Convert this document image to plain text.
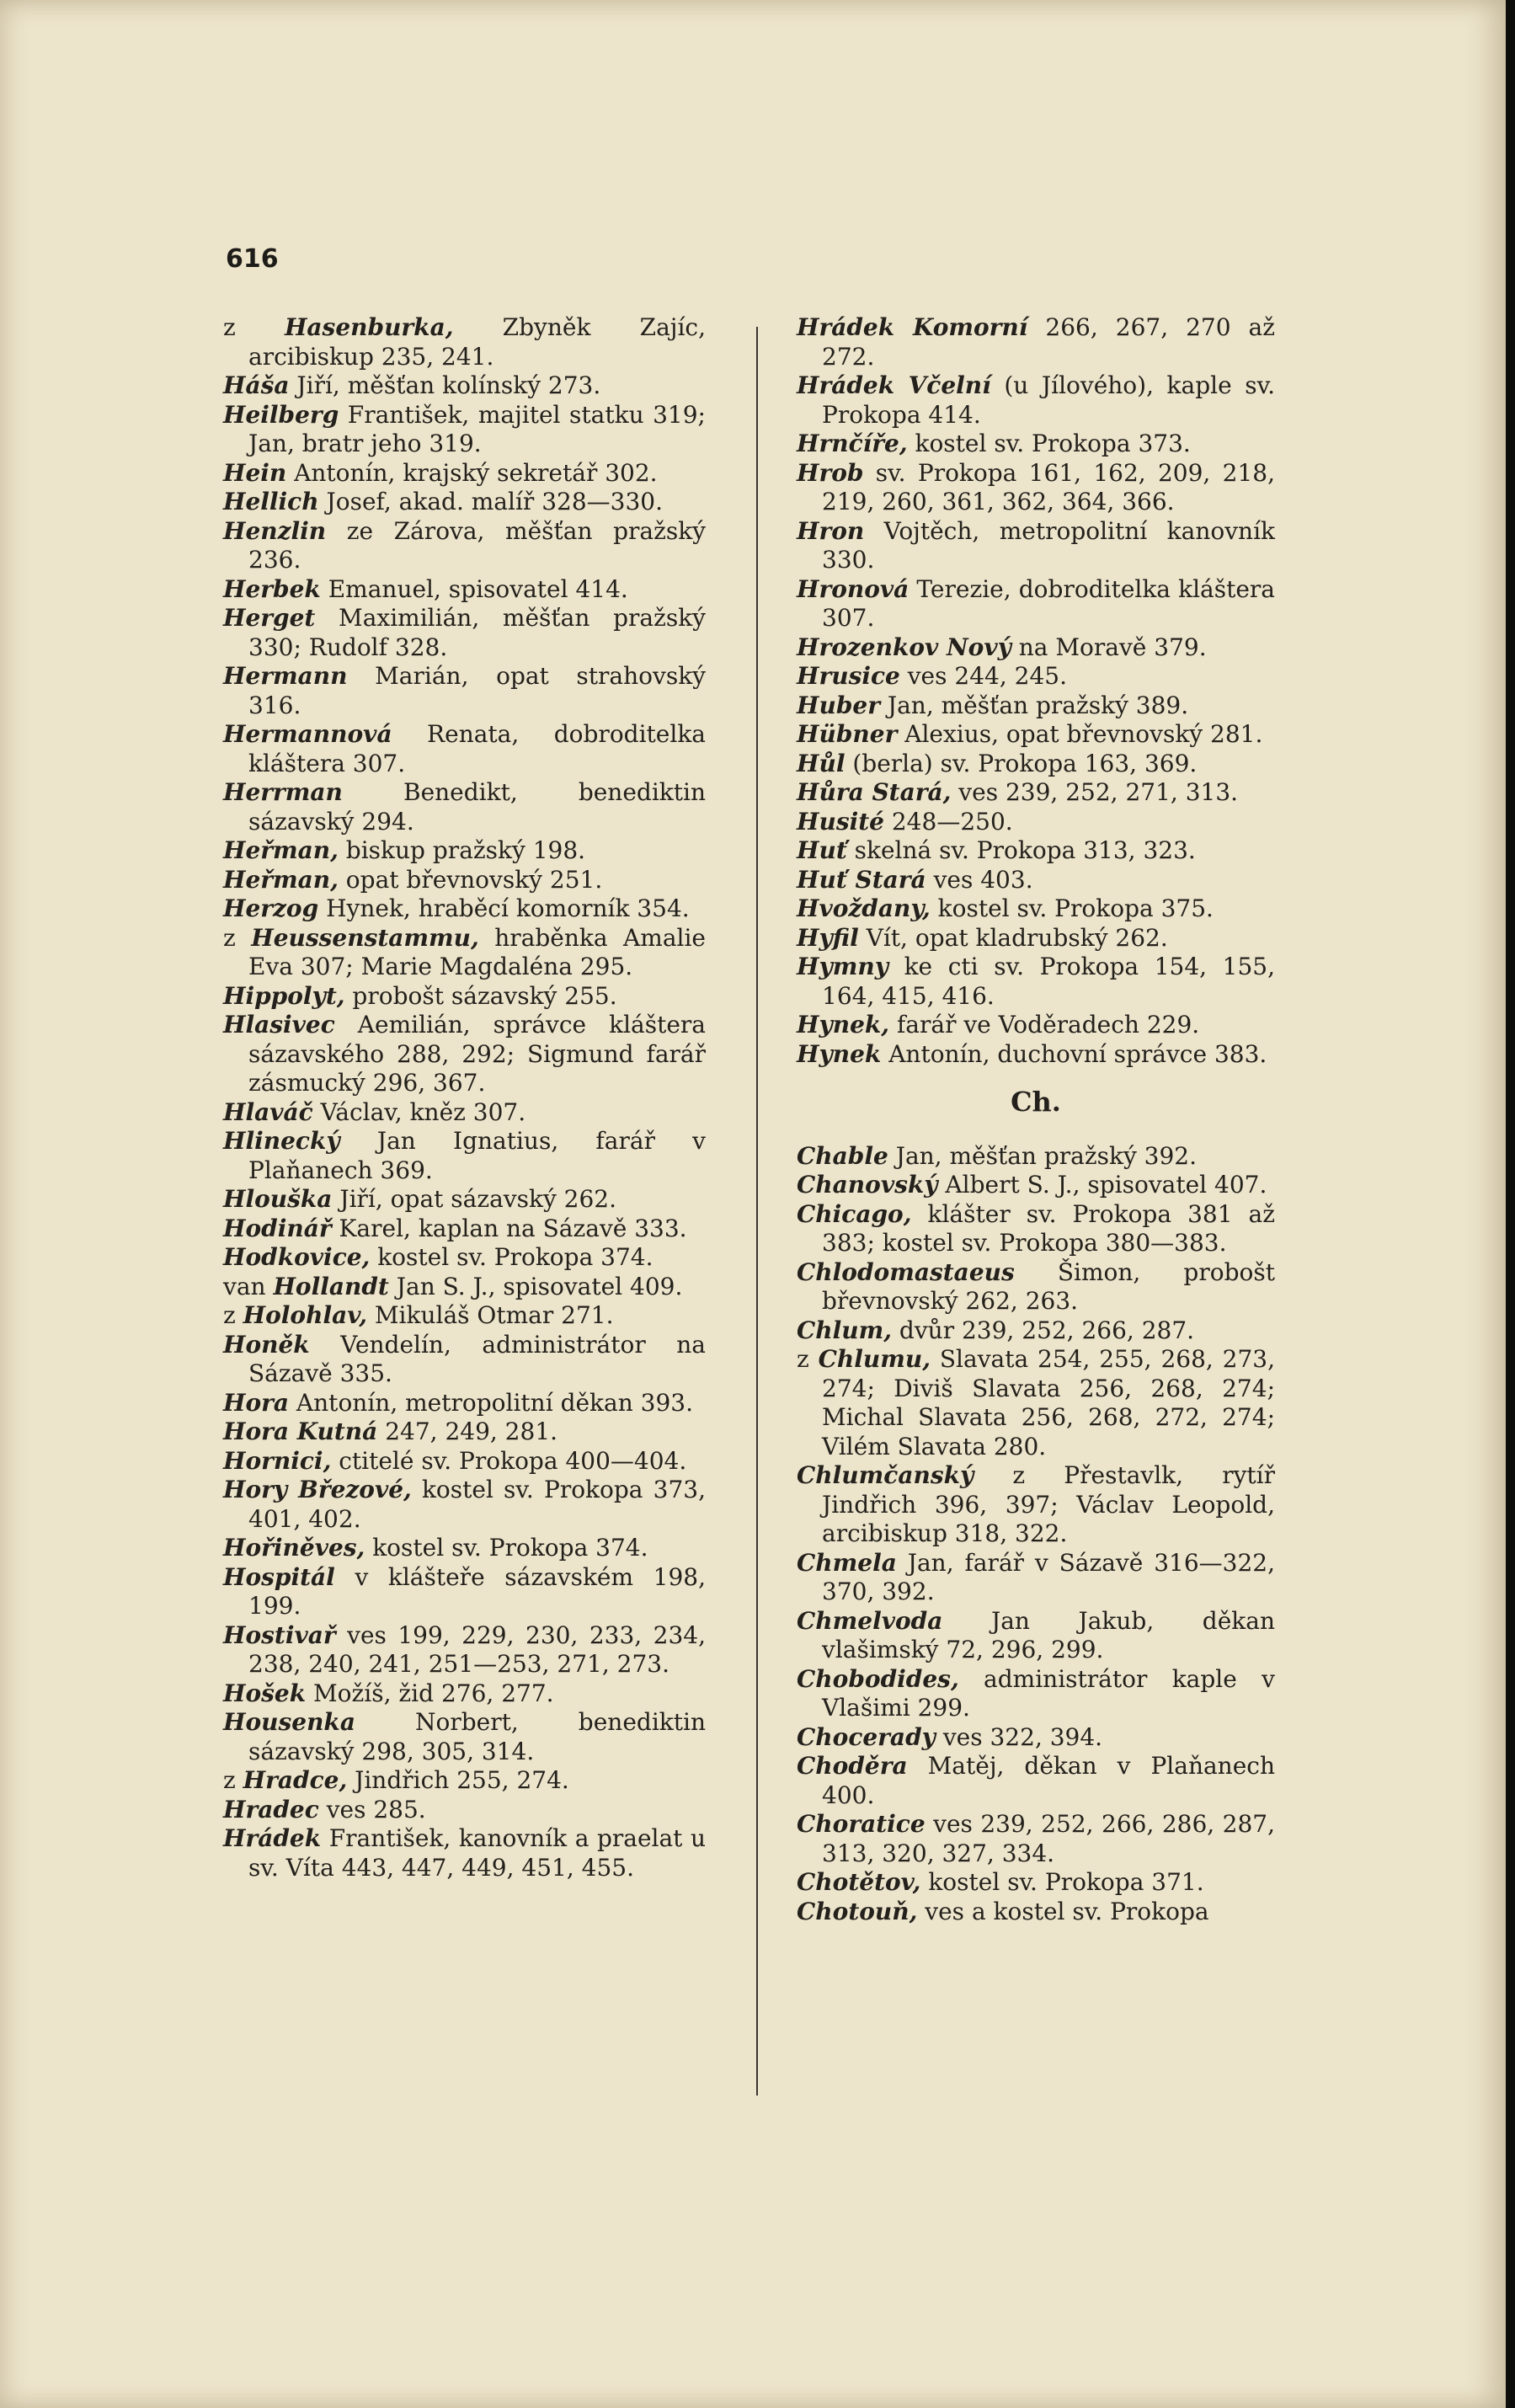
616

z Hasenburka, Zbyněk Zajíc, arcibiskup 235, 241.

Háša Jiří, měšťan kolínský 273.

Heilberg František, majitel statku 319; Jan, bratr jeho 319.

Hein Antonín, krajský sekretář 302.

Hellich Josef, akad. malíř 328—330.

Henzlin ze Zárova, měšťan pražský 236.

Herbek Emanuel, spisovatel 414.

Herget Maximilián, měšťan pražský 330; Rudolf 328.

Hermann Marián, opat strahovský 316.

Hermannová Renata, dobroditelka kláštera 307.

Herrman Benedikt, benediktin sázavský 294.

Heřman, biskup pražský 198.

Heřman, opat břevnovský 251.

Herzog Hynek, hraběcí komorník 354.

z Heussenstammu, hraběnka Amalie Eva 307; Marie Magdaléna 295.

Hippolyt, probošt sázavský 255.

Hlasivec Aemilián, správce kláštera sázavského 288, 292; Sigmund farář zásmucký 296, 367.

Hlaváč Václav, kněz 307.

Hlinecký Jan Ignatius, farář v Plaňanech 369.

Hlouška Jiří, opat sázavský 262.

Hodinář Karel, kaplan na Sázavě 333.

Hodkovice, kostel sv. Prokopa 374.

van Hollandt Jan S. J., spisovatel 409.

z Holohlav, Mikuláš Otmar 271.

Honěk Vendelín, administrátor na Sázavě 335.

Hora Antonín, metropolitní děkan 393.

Hora Kutná 247, 249, 281.

Hornici, ctitelé sv. Prokopa 400—404.

Hory Březové, kostel sv. Prokopa 373, 401, 402.

Hořiněves, kostel sv. Prokopa 374.

Hospitál v klášteře sázavském 198, 199.

Hostivař ves 199, 229, 230, 233, 234, 238, 240, 241, 251—253, 271, 273.

Hošek Možíš, žid 276, 277.

Housenka Norbert, benediktin sázavský 298, 305, 314.

z Hradce, Jindřich 255, 274.

Hradec ves 285.

Hrádek František, kanovník a praelat u sv. Víta 443, 447, 449, 451, 455.

Hrádek Komorní 266, 267, 270 až 272.

Hrádek Včelní (u Jílového), kaple sv. Prokopa 414.

Hrnčíře, kostel sv. Prokopa 373.

Hrob sv. Prokopa 161, 162, 209, 218, 219, 260, 361, 362, 364, 366.

Hron Vojtěch, metropolitní kanovník 330.

Hronová Terezie, dobroditelka kláštera 307.

Hrozenkov Nový na Moravě 379.

Hrusice ves 244, 245.

Huber Jan, měšťan pražský 389.

Hübner Alexius, opat břevnovský 281.

Hůl (berla) sv. Prokopa 163, 369.

Hůra Stará, ves 239, 252, 271, 313.

Husité 248—250.

Huť skelná sv. Prokopa 313, 323.

Huť Stará ves 403.

Hvoždany, kostel sv. Prokopa 375.

Hyfil Vít, opat kladrubský 262.

Hymny ke cti sv. Prokopa 154, 155, 164, 415, 416.

Hynek, farář ve Voděradech 229.

Hynek Antonín, duchovní správce 383.

Ch.

Chable Jan, měšťan pražský 392.

Chanovský Albert S. J., spisovatel 407.

Chicago, klášter sv. Prokopa 381 až 383; kostel sv. Prokopa 380—383.

Chlodomastaeus Šimon, probošt břevnovský 262, 263.

Chlum, dvůr 239, 252, 266, 287.

z Chlumu, Slavata 254, 255, 268, 273, 274; Diviš Slavata 256, 268, 274; Michal Slavata 256, 268, 272, 274; Vilém Slavata 280.

Chlumčanský z Přestavlk, rytíř Jindřich 396, 397; Václav Leopold, arcibiskup 318, 322.

Chmela Jan, farář v Sázavě 316—322, 370, 392.

Chmelvoda Jan Jakub, děkan vlašimský 72, 296, 299.

Chobodides, administrátor kaple v Vlašimi 299.

Chocerady ves 322, 394.

Choděra Matěj, děkan v Plaňanech 400.

Choratice ves 239, 252, 266, 286, 287, 313, 320, 327, 334.

Chotětov, kostel sv. Prokopa 371.

Chotouň, ves a kostel sv. Prokopa
